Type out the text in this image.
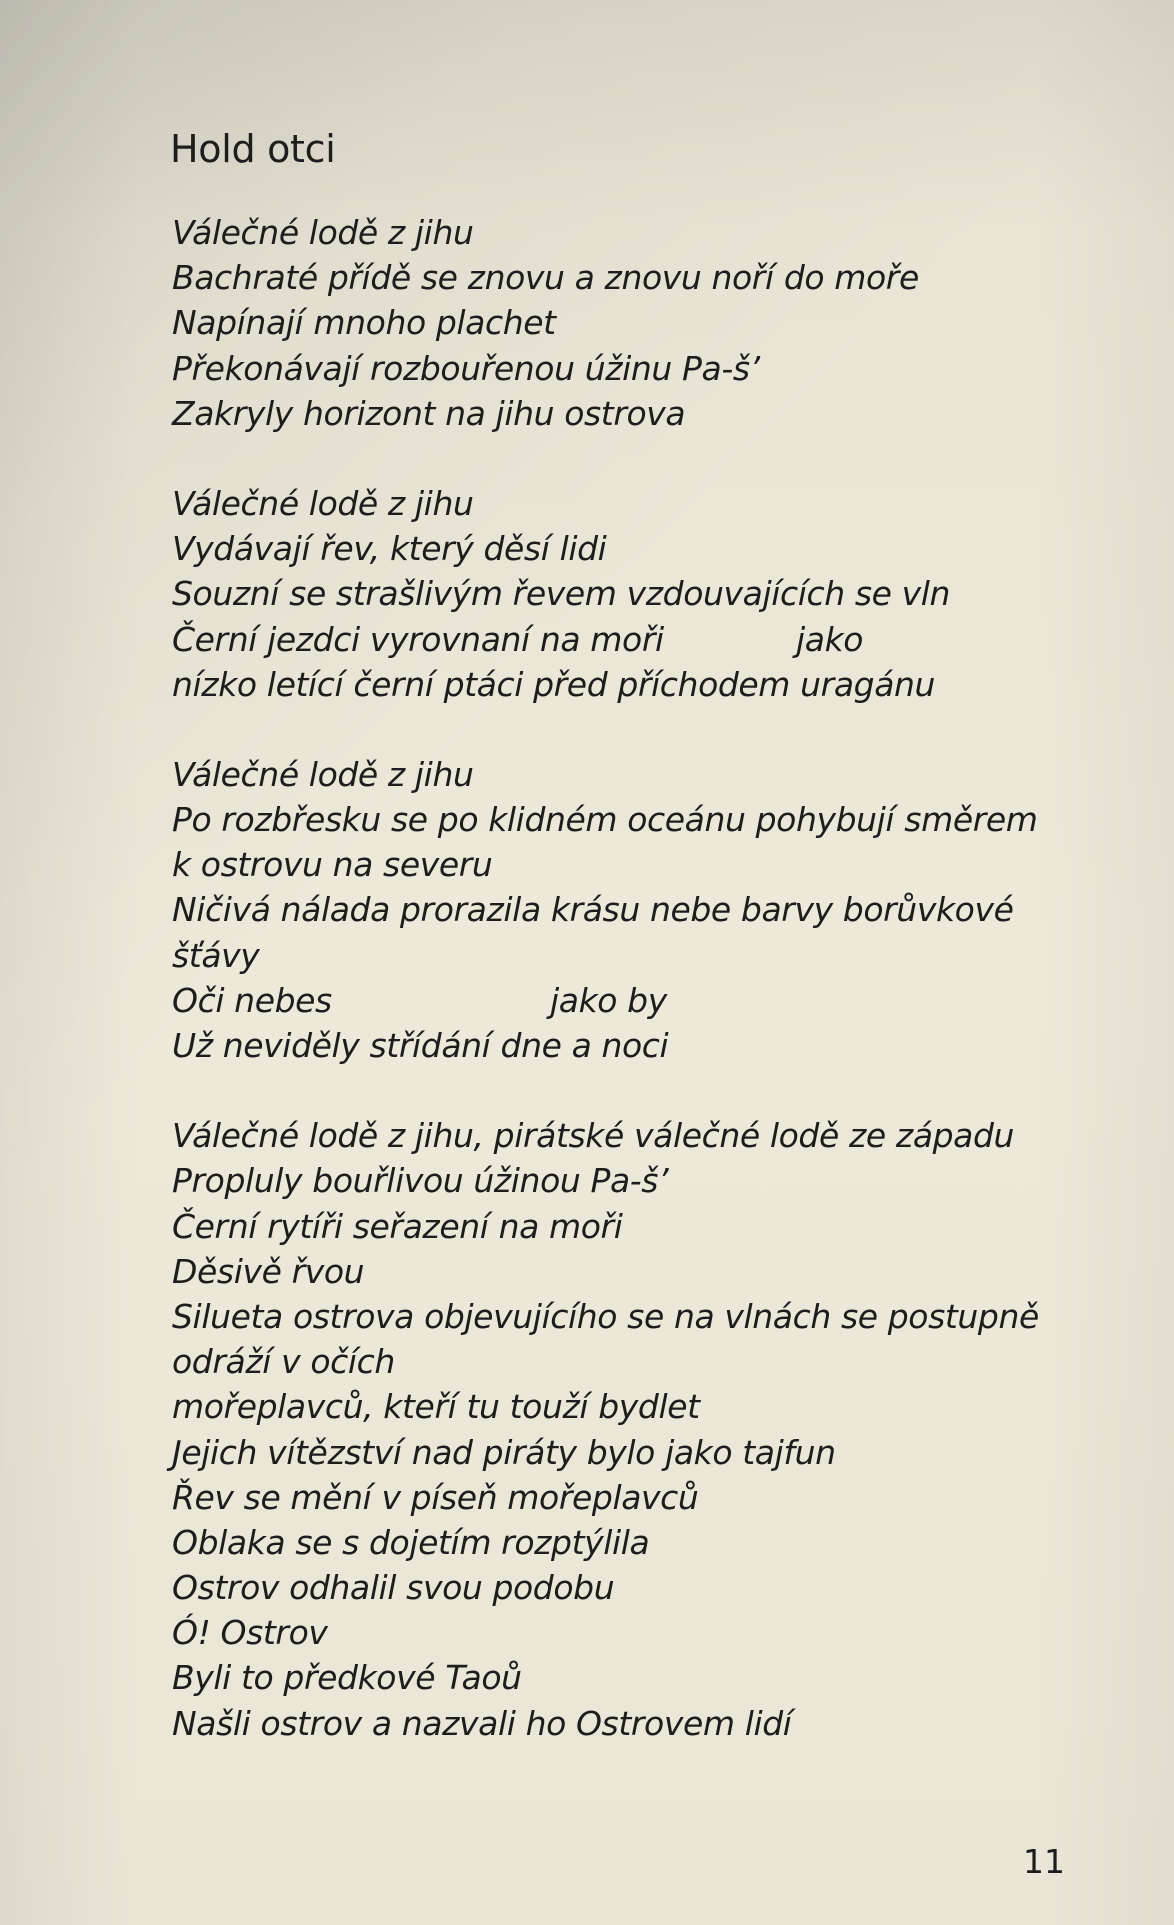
Hold otci
Válečné lodě z jihu
Bachraté přídě se znovu a znovu noří do moře
Napínají mnoho plachet
Překonávají rozbouřenou úžinu Pa-š’
Zakryly horizont na jihu ostrova
Válečné lodě z jihu
Vydávají řev, který děsí lidi
Souzní se strašlivým řevem vzdouvajících se vln
Černí jezdci vyrovnaní na moři	jako
nízko letící černí ptáci před příchodem uragánu
Válečné lodě z jihu
Po rozbřesku se po klidném oceánu pohybují směrem
k ostrovu na severu
Ničivá nálada prorazila krásu nebe barvy borůvkové
šťávy
Oči nebes	jako by
Už neviděly střídání dne a noci
Válečné lodě z jihu, pirátské válečné lodě ze západu
Propluly bouřlivou úžinou Pa-š’
Černí rytíři seřazení na moři
Děsivě řvou
Silueta ostrova objevujícího se na vlnách se postupně
odráží v očích
mořeplavců, kteří tu touží bydlet
Jejich vítězství nad piráty bylo jako tajfun
Řev se mění v píseň mořeplavců
Oblaka se s dojetím rozptýlila
Ostrov odhalil svou podobu
Ó! Ostrov
Byli to předkové Taoů
Našli ostrov a nazvali ho Ostrovem lidí
11
